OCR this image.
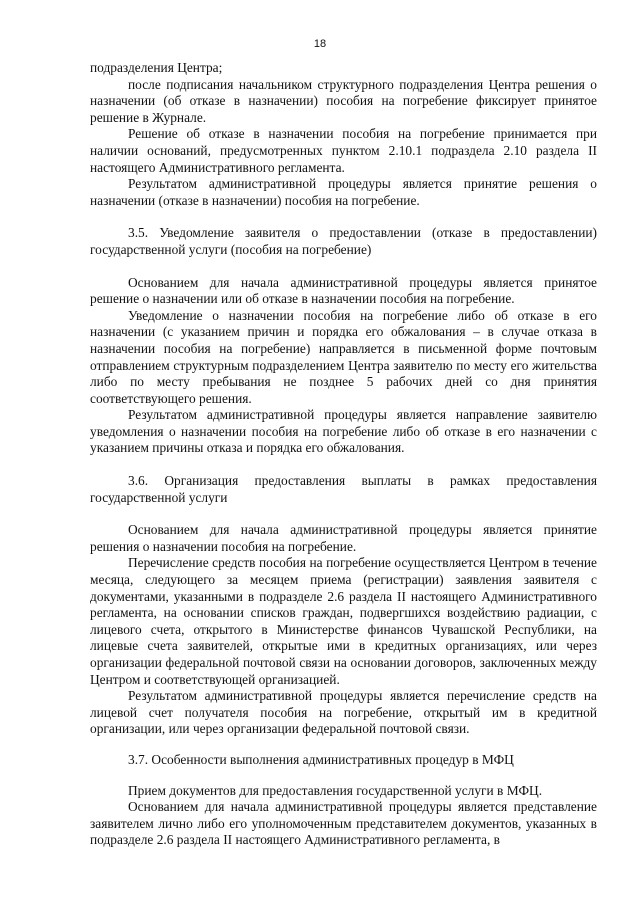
18

подразделения Центра;

после подписания начальником структурного подразделения Центра решения о назначении (об отказе в назначении) пособия на погребение фиксирует принятое решение в Журнале.

Решение об отказе в назначении пособия на погребение принимается при наличии оснований, предусмотренных пунктом 2.10.1 подраздела 2.10 раздела II настоящего Административного регламента.

Результатом административной процедуры является принятие решения о назначении (отказе в назначении) пособия на погребение.

3.5. Уведомление заявителя о предоставлении (отказе в предоставлении) государственной услуги (пособия на погребение)

Основанием для начала административной процедуры является принятое решение о назначении или об отказе в назначении пособия на погребение.

Уведомление о назначении пособия на погребение либо об отказе в его назначении (с указанием причин и порядка его обжалования – в случае отказа в назначении пособия на погребение) направляется в письменной форме почтовым отправлением структурным подразделением Центра заявителю по месту его жительства либо по месту пребывания не позднее 5 рабочих дней со дня принятия соответствующего решения.

Результатом административной процедуры является направление заявителю уведомления о назначении пособия на погребение либо об отказе в его назначении с указанием причины отказа и порядка его обжалования.

3.6. Организация предоставления выплаты в рамках предоставления государственной услуги

Основанием для начала административной процедуры является принятие решения о назначении пособия на погребение.

Перечисление средств пособия на погребение осуществляется Центром в течение месяца, следующего за месяцем приема (регистрации) заявления заявителя с документами, указанными в подразделе 2.6 раздела II настоящего Административного регламента, на основании списков граждан, подвергшихся воздействию радиации, с лицевого счета, открытого в Министерстве финансов Чувашской Республики, на лицевые счета заявителей, открытые ими в кредитных организациях, или через организации федеральной почтовой связи на основании договоров, заключенных между Центром и соответствующей организацией.

Результатом административной процедуры является перечисление средств на лицевой счет получателя пособия на погребение, открытый им в кредитной организации, или через организации федеральной почтовой связи.

3.7. Особенности выполнения административных процедур в МФЦ

Прием документов для предоставления государственной услуги в МФЦ.

Основанием для начала административной процедуры является представление заявителем лично либо его уполномоченным представителем документов, указанных в подразделе 2.6 раздела II настоящего Административного регламента, в
